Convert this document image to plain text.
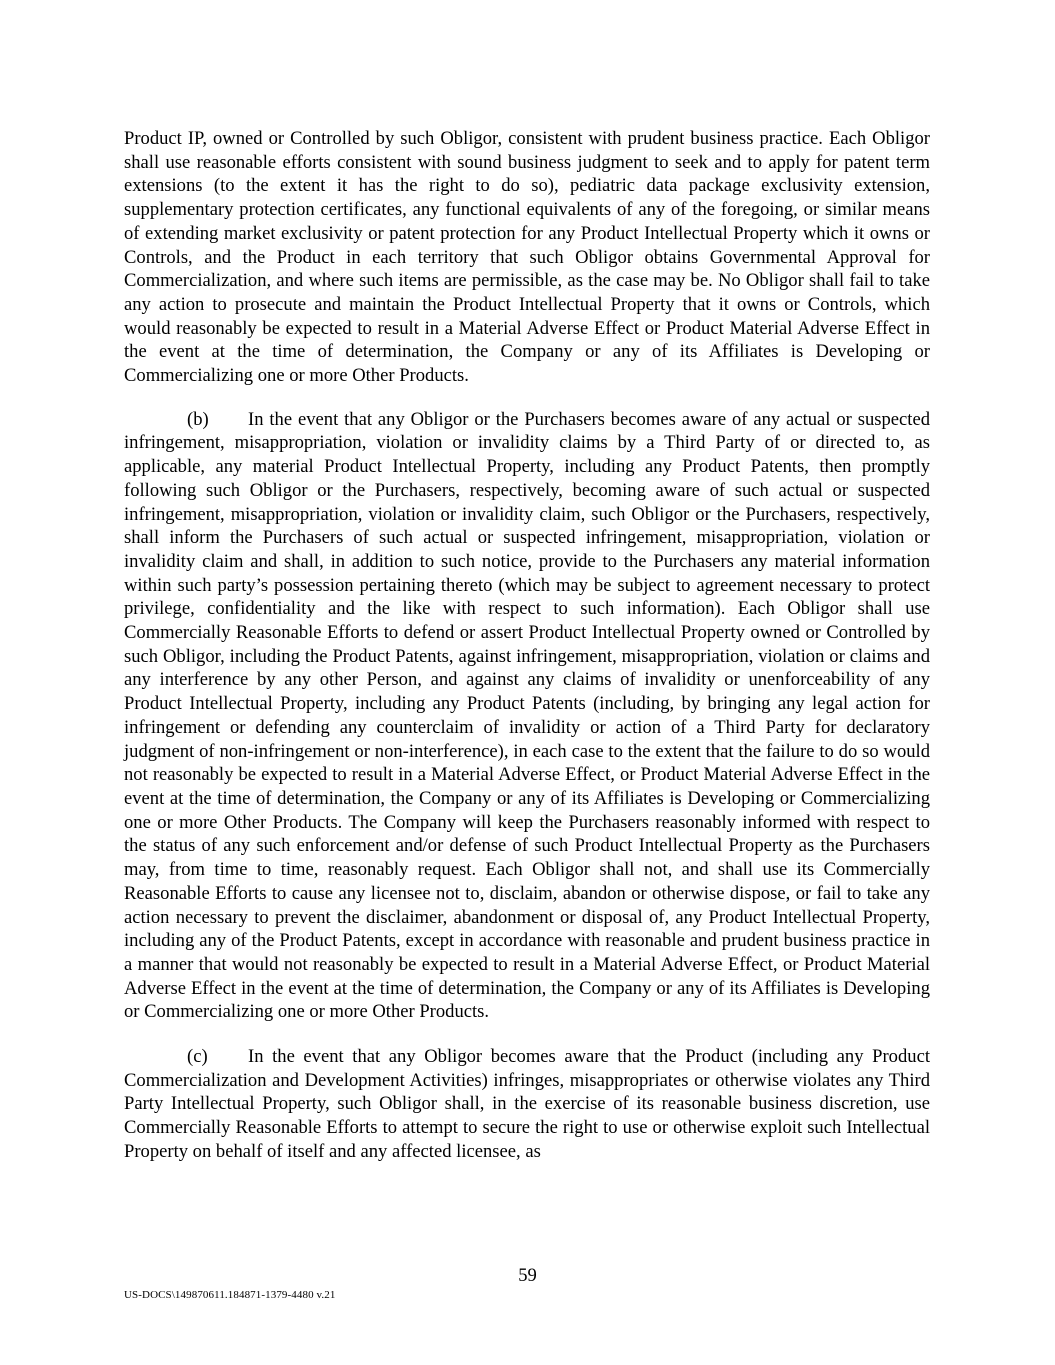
Product IP, owned or Controlled by such Obligor, consistent with prudent business practice. Each Obligor shall use reasonable efforts consistent with sound business judgment to seek and to apply for patent term extensions (to the extent it has the right to do so), pediatric data package exclusivity extension, supplementary protection certificates, any functional equivalents of any of the foregoing, or similar means of extending market exclusivity or patent protection for any Product Intellectual Property which it owns or Controls, and the Product in each territory that such Obligor obtains Governmental Approval for Commercialization, and where such items are permissible, as the case may be. No Obligor shall fail to take any action to prosecute and maintain the Product Intellectual Property that it owns or Controls, which would reasonably be expected to result in a Material Adverse Effect or Product Material Adverse Effect in the event at the time of determination, the Company or any of its Affiliates is Developing or Commercializing one or more Other Products.

(b) In the event that any Obligor or the Purchasers becomes aware of any actual or suspected infringement, misappropriation, violation or invalidity claims by a Third Party of or directed to, as applicable, any material Product Intellectual Property, including any Product Patents, then promptly following such Obligor or the Purchasers, respectively, becoming aware of such actual or suspected infringement, misappropriation, violation or invalidity claim, such Obligor or the Purchasers, respectively, shall inform the Purchasers of such actual or suspected infringement, misappropriation, violation or invalidity claim and shall, in addition to such notice, provide to the Purchasers any material information within such party’s possession pertaining thereto (which may be subject to agreement necessary to protect privilege, confidentiality and the like with respect to such information). Each Obligor shall use Commercially Reasonable Efforts to defend or assert Product Intellectual Property owned or Controlled by such Obligor, including the Product Patents, against infringement, misappropriation, violation or claims and any interference by any other Person, and against any claims of invalidity or unenforceability of any Product Intellectual Property, including any Product Patents (including, by bringing any legal action for infringement or defending any counterclaim of invalidity or action of a Third Party for declaratory judgment of non-infringement or non-interference), in each case to the extent that the failure to do so would not reasonably be expected to result in a Material Adverse Effect, or Product Material Adverse Effect in the event at the time of determination, the Company or any of its Affiliates is Developing or Commercializing one or more Other Products. The Company will keep the Purchasers reasonably informed with respect to the status of any such enforcement and/or defense of such Product Intellectual Property as the Purchasers may, from time to time, reasonably request. Each Obligor shall not, and shall use its Commercially Reasonable Efforts to cause any licensee not to, disclaim, abandon or otherwise dispose, or fail to take any action necessary to prevent the disclaimer, abandonment or disposal of, any Product Intellectual Property, including any of the Product Patents, except in accordance with reasonable and prudent business practice in a manner that would not reasonably be expected to result in a Material Adverse Effect, or Product Material Adverse Effect in the event at the time of determination, the Company or any of its Affiliates is Developing or Commercializing one or more Other Products.

(c) In the event that any Obligor becomes aware that the Product (including any Product Commercialization and Development Activities) infringes, misappropriates or otherwise violates any Third Party Intellectual Property, such Obligor shall, in the exercise of its reasonable business discretion, use Commercially Reasonable Efforts to attempt to secure the right to use or otherwise exploit such Intellectual Property on behalf of itself and any affected licensee, as

59
US-DOCS\149870611.184871-1379-4480 v.21
